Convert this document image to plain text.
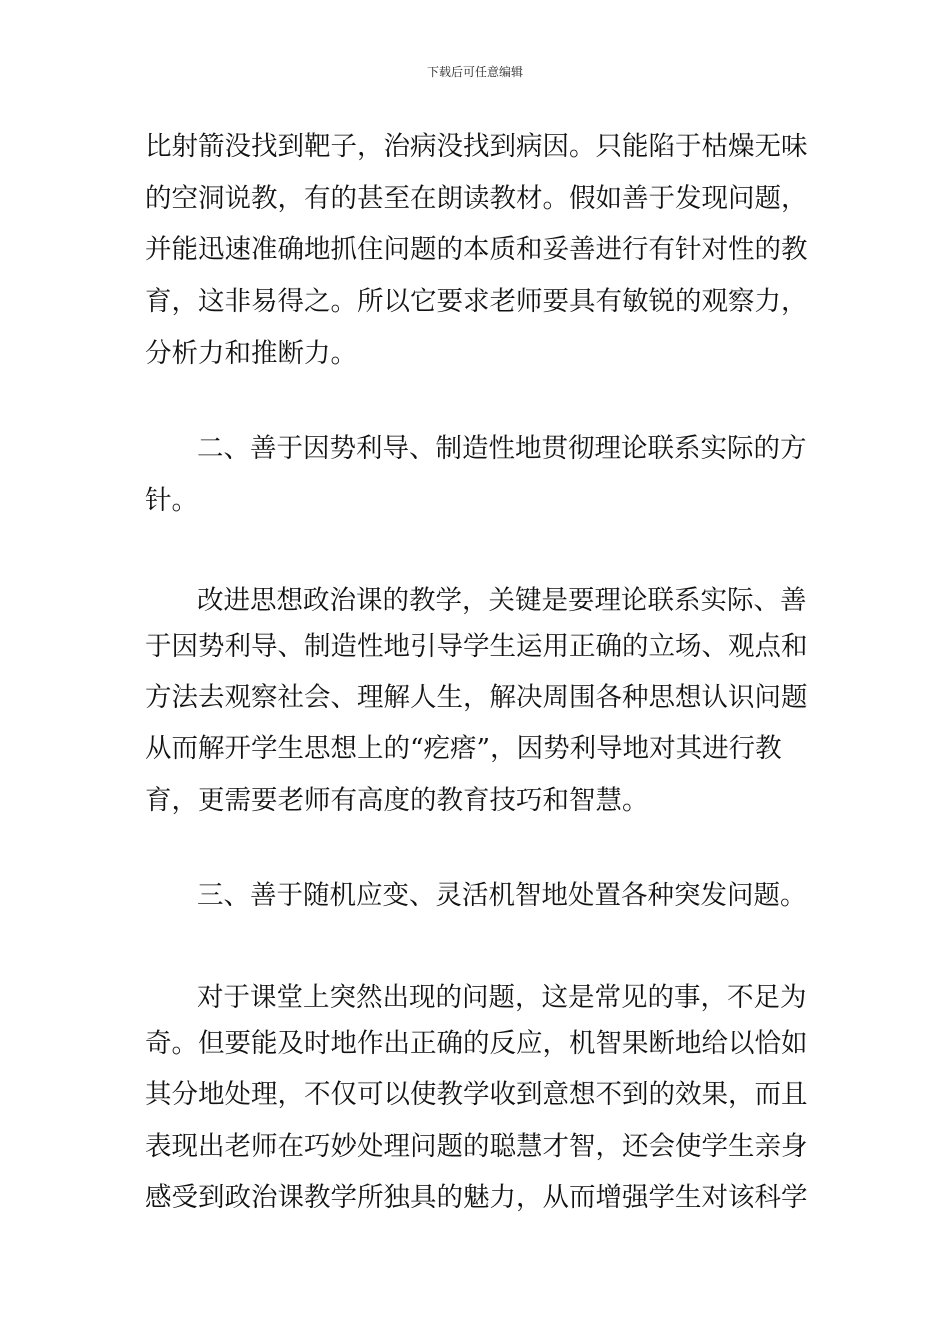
下载后可任意编辑
比射箭没找到靶子，治病没找到病因。只能陷于枯燥无味
的空洞说教，有的甚至在朗读教材。假如善于发现问题，
并能迅速准确地抓住问题的本质和妥善进行有针对性的教
育，这非易得之。所以它要求老师要具有敏锐的观察力，
分析力和推断力。
二、善于因势利导、制造性地贯彻理论联系实际的方
针。
改进思想政治课的教学，关键是要理论联系实际、善
于因势利导、制造性地引导学生运用正确的立场、观点和
方法去观察社会、理解人生，解决周围各种思想认识问题
从而解开学生思想上的“疙瘩”，因势利导地对其进行教
育，更需要老师有高度的教育技巧和智慧。
三、善于随机应变、灵活机智地处置各种突发问题。
对于课堂上突然出现的问题，这是常见的事，不足为
奇。但要能及时地作出正确的反应，机智果断地给以恰如
其分地处理，不仅可以使教学收到意想不到的效果，而且
表现出老师在巧妙处理问题的聪慧才智，还会使学生亲身
感受到政治课教学所独具的魅力，从而增强学生对该科学
